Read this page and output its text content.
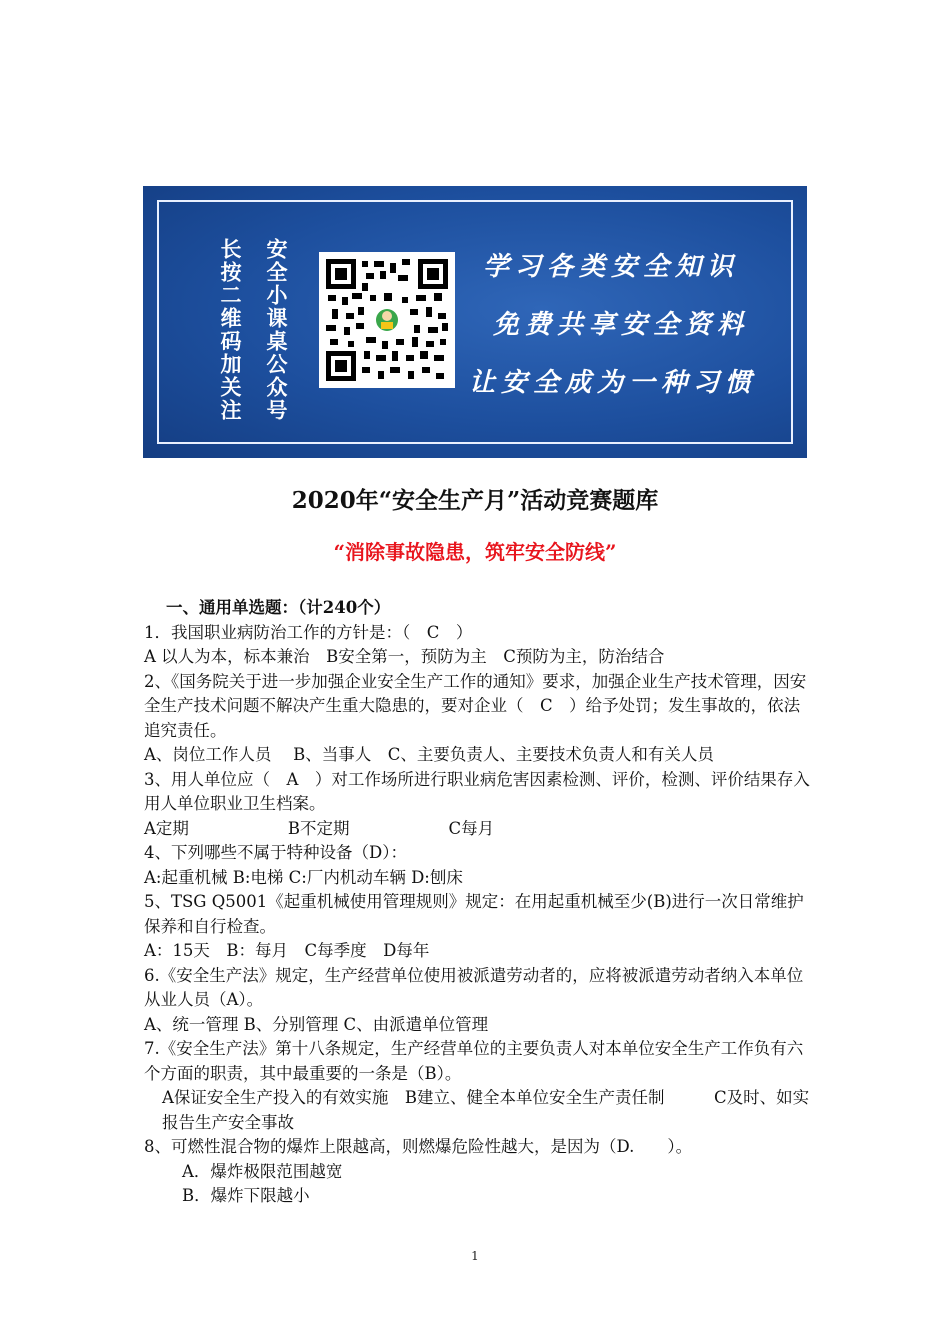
长按二维码加关注 安全小课桌公众号	学习各类安全知识
免费共享安全资料
让安全成为一种习惯
2020年“安全生产月”活动竞赛题库
“消除事故隐患，筑牢安全防线”
一、通用单选题：（计240个）
1．我国职业病防治工作的方针是：（　C　）
A 以人为本，标本兼治　B安全第一，预防为主　C预防为主，防治结合
2、《国务院关于进一步加强企业安全生产工作的通知》要求，加强企业生产技术管理，因安全生产技术问题不解决产生重大隐患的，要对企业（　C　）给予处罚；发生事故的，依法追究责任。
A、岗位工作人员　 B、当事人　C、主要负责人、主要技术负责人和有关人员
3、用人单位应（　A　）对工作场所进行职业病危害因素检测、评价，检测、评价结果存入用人单位职业卫生档案。
A定期　　　　　　B不定期　　　　　　C每月
4、下列哪些不属于特种设备（D）：
A:起重机械 B:电梯 C:厂内机动车辆 D:刨床
5、TSG Q5001《起重机械使用管理规则》规定：在用起重机械至少(B)进行一次日常维护保养和自行检查。
A：15天　B：每月　C每季度　D每年
6.《安全生产法》规定，生产经营单位使用被派遣劳动者的，应将被派遣劳动者纳入本单位从业人员（A）。
A、统一管理 B、分别管理 C、由派遣单位管理
7.《安全生产法》第十八条规定，生产经营单位的主要负责人对本单位安全生产工作负有六个方面的职责，其中最重要的一条是（B）。
A保证安全生产投入的有效实施　B建立、健全本单位安全生产责任制　　　C及时、如实报告生产安全事故
8、可燃性混合物的爆炸上限越高，则燃爆危险性越大，是因为（D.　　）。
A．爆炸极限范围越宽
B．爆炸下限越小
1
